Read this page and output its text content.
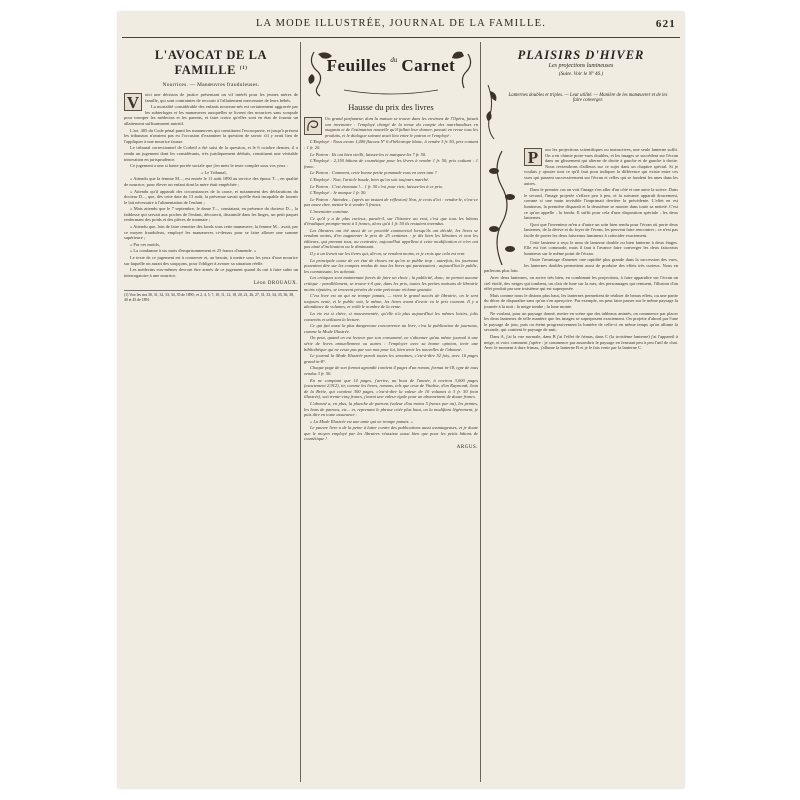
LA MODE ILLUSTRÉE, JOURNAL DE LA FAMILLE.	621
L'AVOCAT DE LA FAMILLE $^{(1)}$
Nourrices. — Manœuvres frauduleuses.
V	oici une décision de justice présentant un vif intérêt pour les jeunes mères de famille, qui sont contraintes de recourir à l'allaitement mercenaire de leurs bébés.

La mortalité considérable des enfants nouveau-nés est certainement aggravée par les subterfuges et les manœuvres auxquelles se livrent des nourrices sans scrupule pour tromper les médecins et les parents, et faire croire qu'elles sont en état de fournir un allaitement suffisamment nutritif.

L'art. 405 du Code pénal punit les manœuvres qui constituent l'escroquerie, et jusqu'à présent les tribunaux n'avaient pas eu l'occasion d'examiner la question de savoir s'il y avait lieu de l'appliquer à une nourrice fausse.

Le tribunal correctionnel de Corbeil a été saisi de la question, et le 6 octobre dernier, il a rendu un jugement dont les considérants, très juridiquement déduits, constituent une véritable innovation en jurisprudence.

Ce jugement a une si haute portée sociale que j'en mets le texte complet sous vos yeux :

« Le Tribunal,

« Attendu que la femme M..., est entrée le 11 août 1890 au service des époux T..., en qualité de nourrice, pour élever un enfant dont la mère était empêchée ;

« Attendu qu'il apparaît des circonstances de la cause, et notamment des déclarations du docteur D..., que, dès cette date du 13 août, la prévenue savait qu'elle était incapable de fournir le lait nécessaire à l'alimentation de l'enfant ;

« Mais attendu que le 7 septembre, le dame T..., constatant, en présence du docteur D..., la faiblesse qui servait aux poches de l'enfant, découvrit, dissimulé dans les linges, un petit paquet renfermant des poids et des pièces de monnaie ;

« Attendu que, loin de faire remettre des fonds sous cette manœuvre, la femme M... avait, par ce moyen frauduleux, employé les manœuvres ci-dessus pour se faire allouer une somme supérieure ;

« Par ces motifs,

« La condamne à six mois d'emprisonnement et 25 francs d'amende. »

Le texte de ce jugement est à conserver et, au besoin, à mettre sous les yeux d'une nourrice sur laquelle on aurait des soupçons, pour l'obliger à avouer sa situation réelle.

Les médecins eux-mêmes devront être armés de ce jugement quand ils ont à faire subir un interrogatoire à une nourrice.

Léon DROUAUX.
(1) Voir les nos 30, 31, 32, 33, 34, 35 de 1890 ; et 2, 4, 5, 7, 10, 11, 12, 18, 20, 21, 26, 27, 31, 33, 34, 35, 36, 38, 40 et 45 de 1891.
Feuilles $^{du}$ Carnet
Hausse du prix des livres

Un grand parfumeur, dont la maison se trouve dans les environs de l'Opéra, faisait son inventaire : l'employé chargé de la tenue du compte des marchandises en magasin et de l'estimation nouvelle qu'il fallait leur donner, passait en revue tous les produits, et le dialogue suivant avait lieu entre le patron et l'employé :

L'Employé : Nous avons 1,400 flacons Nº 6 d'héliotrope blanc, à vendre 3 fr. 50, prix contant : 1 fr. 20.

Le Patron : Ils ont bien vieilli, laissez-les et marquez-les 7 fr. 50.

L'Employé : 2,150 bâtons de cosmétique pour les lèvres à vendre 1 fr. 50, prix coûtant : 1 franc.

Le Patron : Comment, cette bonne petite pommade vous en avez tant ?

L'Employé : Non, l'article boude, bien qu'on soit toujours marché.

Le Patron : C'est étonnant !... 1 fr. 50 c'est pour rien, laissez-les à ce prix.

L'Employé : Je marque 1 fr. 50.

Le Patron : Attendez... (après un instant de réflexion) Non, je crois d'ici : vendez-le, n'est-ce pas assez cher, mettez-le à vendre 5 francs.

L'inventaire continue.

Ce qu'il y a de plus curieux, paraît-il, sur l'histoire au vrai, c'est que tous les bâtons d'éradiquet prompte-ment à 5 francs, alors qu'à 1 fr. 50 ils restaient invendus.

Les libraires ont été aussi de ce procédé commercial lorsqu'ils ont décidé, les livres se vendant moins, d'en augmenter le prix de 25 centimes : je dis bien les libraires et non les éditeurs, qui prenant tous, au contraire, aujourd'hui appellent à cette modification et n'en ont pas aimé d'inclination ou le diminuant.

Il y a un livrait sur les livres qui, dit-on, se vendent moins, et je crois que cela est vrai.

La principale cause de cet état de choses est qu'on se publie trop : autrefois, les journaux pouvaient dire sur les comptes rendus de tous les livres qui paraissaient ; aujourd'hui le public, les connaissant, les achetait.

Les critiques sont maintenant forcés de faire un choix ; la publicité, donc, ne permet aucune critique : parallèlement, se trouve-t-il que, dans les prix, toutes les petites maisons de librairie moins réputées, se trouvent privées de cette précieuse réclame gratuite.

C'est livre est un qui ne trompe jamais, — vient le grand succès de librairie, on le sent toujours venir, et le public soit, le même, les livres avant d'avoir vu le prix courant. Il y a abondance de volumes, et voilà le nombre de la vente.

La vie est si chère, si mouvementée, qu'elle n'a plus aujourd'hui les mêmes loisirs, jolis consentis et utilisant la lecture.

Ce qui fait aussi la plus dangereuse concurrence au livre, c'est la publication de journaux, comme la Mode Illustrée.

On peut, quand on est lecteur par son consommé, ne s'abonner qu'au même journal à une série de livres annuellement ou autres : l'employer avec sa bonne opinion, tenir une bibliothèque qui ne cesse pas par son mot pour lui, bien tenir les nouvelles de l'abonné.

Le journal la Mode Illustrée paraît toutes les semaines, c'est-à-dire 52 fois, avec 16 pages grand in-8°.

Chaque page de son format agrandit contient 4 pages d'un roman, format in-18, type de tous vendus 3 fr. 50.

En ne comptant que 14 pages, j'arrive, au bout de l'année, à environ 3,000 pages (exactement 2,912), tir, comme les livres, romans, tels que ceux de Vitalise, d'un Raymond, Jean de la Brète, qui contient 300 pages, c'est-à-dire la valeur de 10 volumes à 3 fr. 50 (non illustrés), soit trente-cinq francs, j'aurai une valeur égale pour un abonnement de douze francs.

L'abonné a, en plus, la planche de patrons (valeur d'au moins 5 francs par an), les primes, les bons de patrons, etc... et, reprenant le phrase citée plus haut, on la modifiant légèrement, je puis dire en toute assurance :

« La Mode Illustrée est une amie qui ne trompe jamais. »

Le pauvre livre a de la peine à lutter contre des publications aussi avantageuses, et je doute que le moyen employé par les libraires réussisse aussi bien que pour les petits bâtons de cosmétique !

ARGUS.
PLAISIRS D'HIVER
Les projections lumineuses
(Suite. Voir le Nº 46.)
Lanternes doubles et triples. — Leur utilité. — Manière de les manœuvrer et de les faire converger.
P	our les projections scientifiques ou instructives, une seule lanterne suffit. On a en chimie porte-vues doubles, et les images se succèdent sur l'écran dans un glissement qui alterne de droite à gauche et de gauche à droite. Nous reviendrons d'ailleurs sur ce sujet dans un chapitre spécial. Si je voulais y ajouter tout ce qu'il faut pour indiquer la différence qui existe entre ces vues qui passent successivement sur l'écran et celles qui se fondent les unes dans les autres.

Dans le premier cas on voit l'image s'en aller d'un côté et une autre la suivre. Dans le second, l'image projetée s'efface peu à peu, et la suivante apparaît doucement, comme si une main invisible l'imprimait derrière la précédente. L'effet en est lumineux, la première disparaît et la deuxième se montre dans toute sa netteté. C'est ce qu'on appelle : la fondu. Il suffit pour cela d'une disposition spéciale : les deux lanternes.

Quoi que l'inventeur m'en a d'autre un soin bien rendu pour l'écran où porte deux lanternes, de la dérive et du foyer de l'écran, les peuvent faire rencontrer ; ce n'est pas facile de porter les deux faisceaux lumineux à coïncider exactement.

Cette lanterne a reçu le nom de lanterne double ou bien lanterne à deux étages. Elle est fort commode, mais il faut à l'avance faire converger les deux faisceaux lumineux sur le même point de l'écran.

Outre l'avantage d'amener une rapidité plus grande dans la succession des vues, les lanternes doubles permettent aussi de produire des effets très curieux. Nous en parlerons plus loin.

Avec deux lanternes, on arrive très bien, en combinant les projections, à faire apparaître sur l'écran un ciel étoilé, des neiges qui tombent, un clair de lune sur la mer, des personnages qui remuent, l'illusion d'un effet produit par une troisième qui est superposée.

Mais comme nous le disions plus haut, les lanternes permettent de réaliser de beaux effets, ou une partie du décor de disparaître sans qu'on s'en aperçoive. Par exemple, on peut faire passer sur le même paysage la journée à la nuit ; la neige tombe ; la lune monte.

Ne voulant, pour un paysage donné, mettre en scène que des tableaux animés, on commence par placer les deux lanternes de telle manière que les images se superposent exactement. On projette d'abord par l'une le paysage de jour, puis on éteint progressivement la lumière de celle-ci en même temps qu'on allume la seconde, qui contient le paysage de nuit.

Dans A, j'ai la vue normale, dans B j'ai l'effet de frimas, dans C (la troisième lanterne) j'ai l'appareil à neige, et voici comment j'opère : je commence par assombrir le paysage en fermant peu à peu l'œil de chat. Avec le moment à dure frimas, j'allume la lanterne B et je le fais venir par la lanterne C.
